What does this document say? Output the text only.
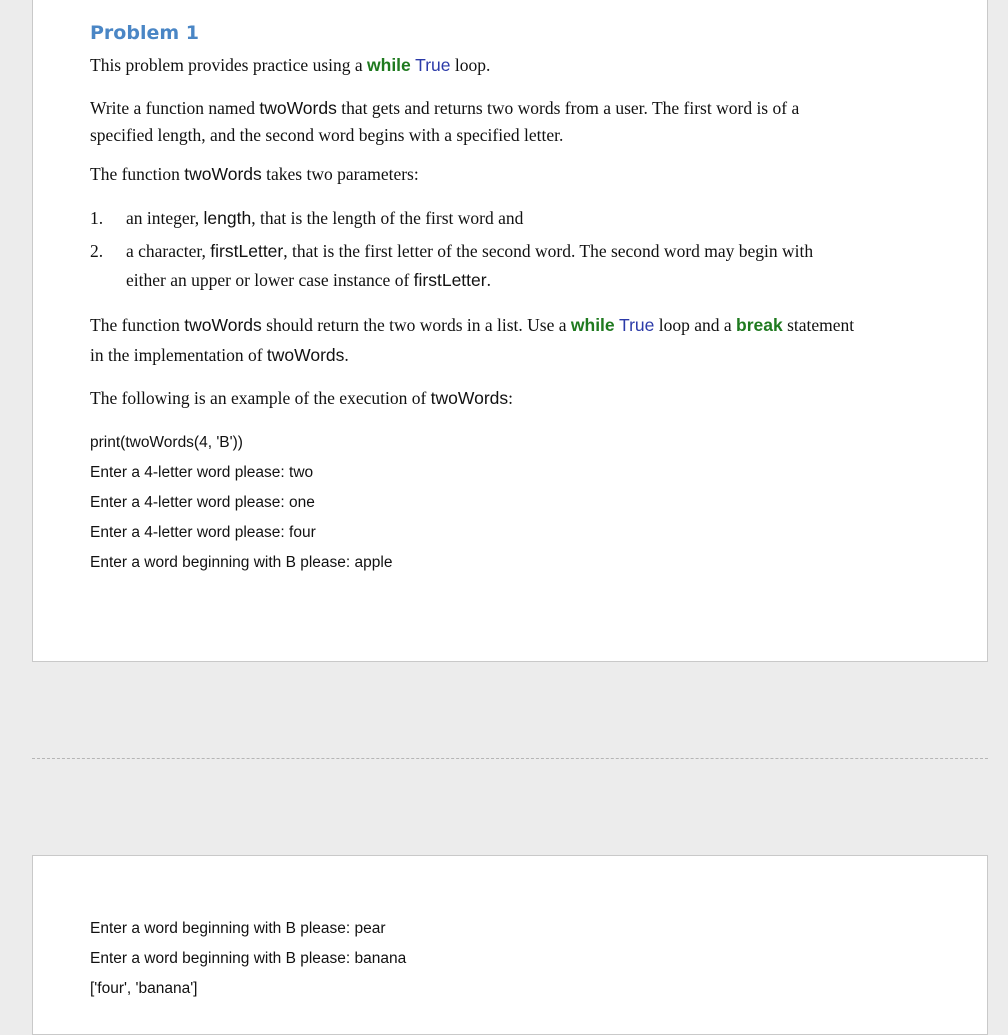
Problem 1
This problem provides practice using a while True loop.
Write a function named twoWords that gets and returns two words from a user. The first word is of a
specified length, and the second word begins with a specified letter.
The function twoWords takes two parameters:
1. an integer, length, that is the length of the first word and
2. a character, firstLetter, that is the first letter of the second word. The second word may begin with
either an upper or lower case instance of firstLetter.
The function twoWords should return the two words in a list. Use a while True loop and a break statement
in the implementation of twoWords.
The following is an example of the execution of twoWords:
print(twoWords(4, 'B'))
Enter a 4-letter word please: two
Enter a 4-letter word please: one
Enter a 4-letter word please: four
Enter a word beginning with B please: apple
Enter a word beginning with B please: pear
Enter a word beginning with B please: banana
['four', 'banana']
